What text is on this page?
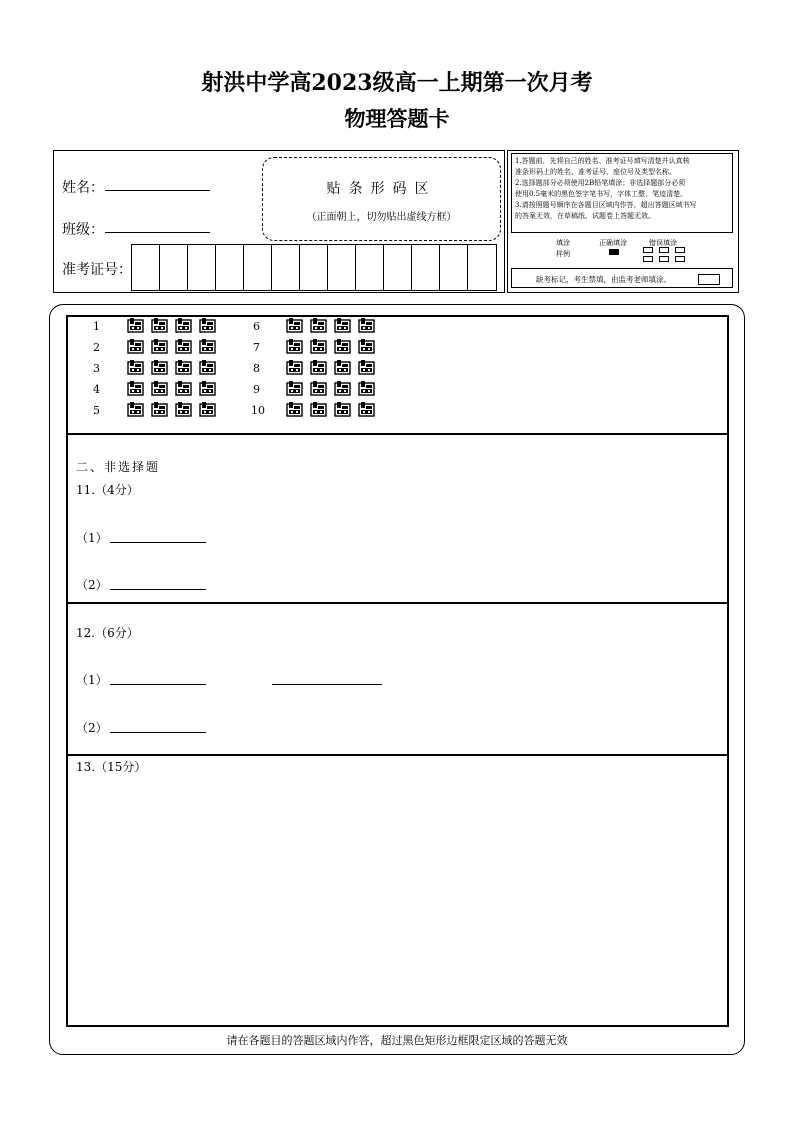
射洪中学高2023级高一上期第一次月考
物理答题卡
姓名：
班级：
准考证号：
贴条形码区
（正面朝上，切勿贴出虚线方框）
1.答题前，先将自己的姓名、准考证号填写清楚并认真核
准条形码上的姓名、准考证号、座位号及类型名称。
2.选择题部分必须使用2B铅笔填涂；非选择题部分必须
使用0.5毫米的黑色签字笔书写，字体工整、笔迹清楚。
3.请按照题号顺序在各题目区域内作答，超出答题区域书写
的答案无效，在草稿纸、试题卷上答题无效。
填涂
样例
正确填涂	错误填涂
缺考标记，考生禁填，由监考老师填涂。
1
2
3
4
5
6
7
8
9
10
二、非选择题
11.（4分）
（1）
（2）
12.（6分）
（1）
（2）
13.（15分）
请在各题目的答题区域内作答，超过黑色矩形边框限定区域的答题无效
